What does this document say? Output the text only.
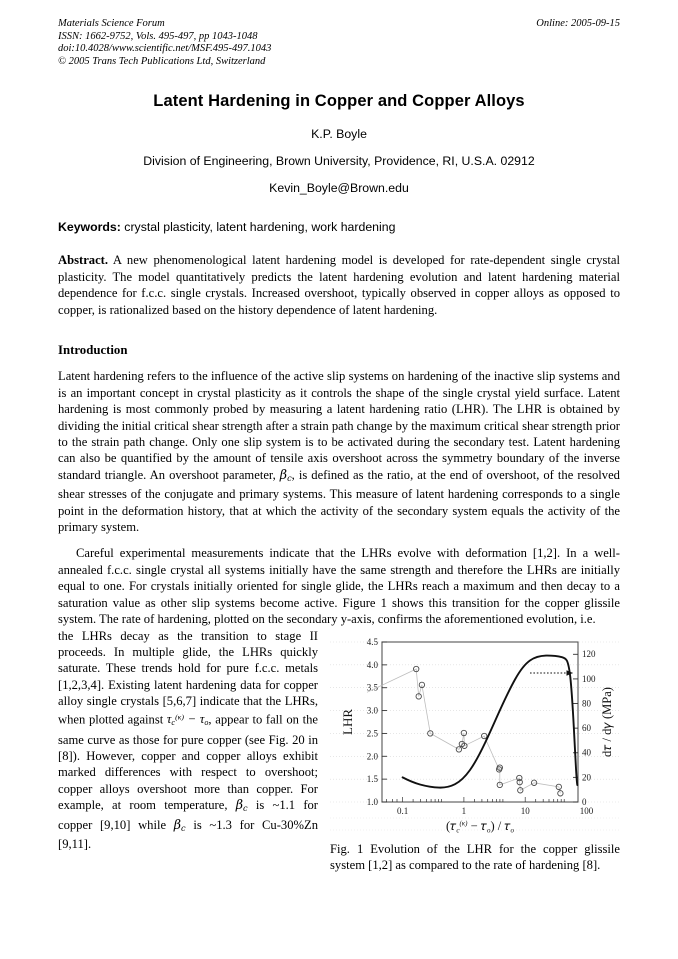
Online: 2005-09-15
Materials Science Forum
ISSN: 1662-9752, Vols. 495-497, pp 1043-1048
doi:10.4028/www.scientific.net/MSF.495-497.1043
© 2005 Trans Tech Publications Ltd, Switzerland
Latent Hardening in Copper and Copper Alloys
K.P. Boyle
Division of Engineering, Brown University, Providence, RI, U.S.A. 02912
Kevin_Boyle@Brown.edu
Keywords: crystal plasticity, latent hardening, work hardening
Abstract. A new phenomenological latent hardening model is developed for rate-dependent single crystal plasticity. The model quantitatively predicts the latent hardening evolution and latent hardening material dependence for f.c.c. single crystals. Increased overshoot, typically observed in copper alloys as opposed to copper, is rationalized based on the history dependence of latent hardening.
Introduction

Latent hardening refers to the influence of the active slip systems on hardening of the inactive slip systems and is an important concept in crystal plasticity as it controls the shape of the single crystal yield surface. Latent hardening is most commonly probed by measuring a latent hardening ratio (LHR). The LHR is obtained by dividing the initial critical shear strength after a strain path change by the maximum critical shear strength prior to the strain path change. Only one slip system is to be activated during the secondary test. Latent hardening can also be quantified by the amount of tensile axis overshoot across the symmetry boundary of the inverse standard triangle. An overshoot parameter, $\beta_c$, is defined as the ratio, at the end of overshoot, of the resolved shear stresses of the conjugate and primary systems. This measure of latent hardening corresponds to a single point in the deformation history, that at which the activity of the secondary system equals the activity of the primary system.

Careful experimental measurements indicate that the LHRs evolve with deformation [1,2]. In a well-annealed f.c.c. single crystal all systems initially have the same strength and therefore the LHRs are initially equal to one. For crystals initially oriented for single glide, the LHRs reach a maximum and then decay to a saturation value as other slip systems become active. Figure 1 shows this transition for the copper glissile system. The rate of hardening, plotted on the secondary y-axis, confirms the aforementioned evolution, i.e.

4.5
4.0
3.5
3.0
2.5
2.0
1.5
1.0
LHR
120
100
80
60
40
20
0
d𝜏 / d𝛾 (MPa)
0.1	1	10	100
(𝜏$_c^{(\kappa)}$ − 𝜏$_o$) / 𝜏$_o$
Fig. 1 Evolution of the LHR for the copper glissile system [1,2] as compared to the rate of hardening [8].

the LHRs decay as the transition to stage II proceeds. In multiple glide, the LHRs quickly saturate. These trends hold for pure f.c.c. metals [1,2,3,4]. Existing latent hardening data for copper alloy single crystals [5,6,7] indicate that the LHRs, when plotted against $\tau_c^{(\kappa)} - \tau_o$, appear to fall on the same curve as those for pure copper (see Fig. 20 in [8]). However, copper and copper alloys exhibit marked differences with respect to overshoot; copper alloys overshoot more than copper. For example, at room temperature, $\beta_c$ is ~1.1 for copper [9,10] while $\beta_c$ is ~1.3 for Cu-30%Zn [9,11].
